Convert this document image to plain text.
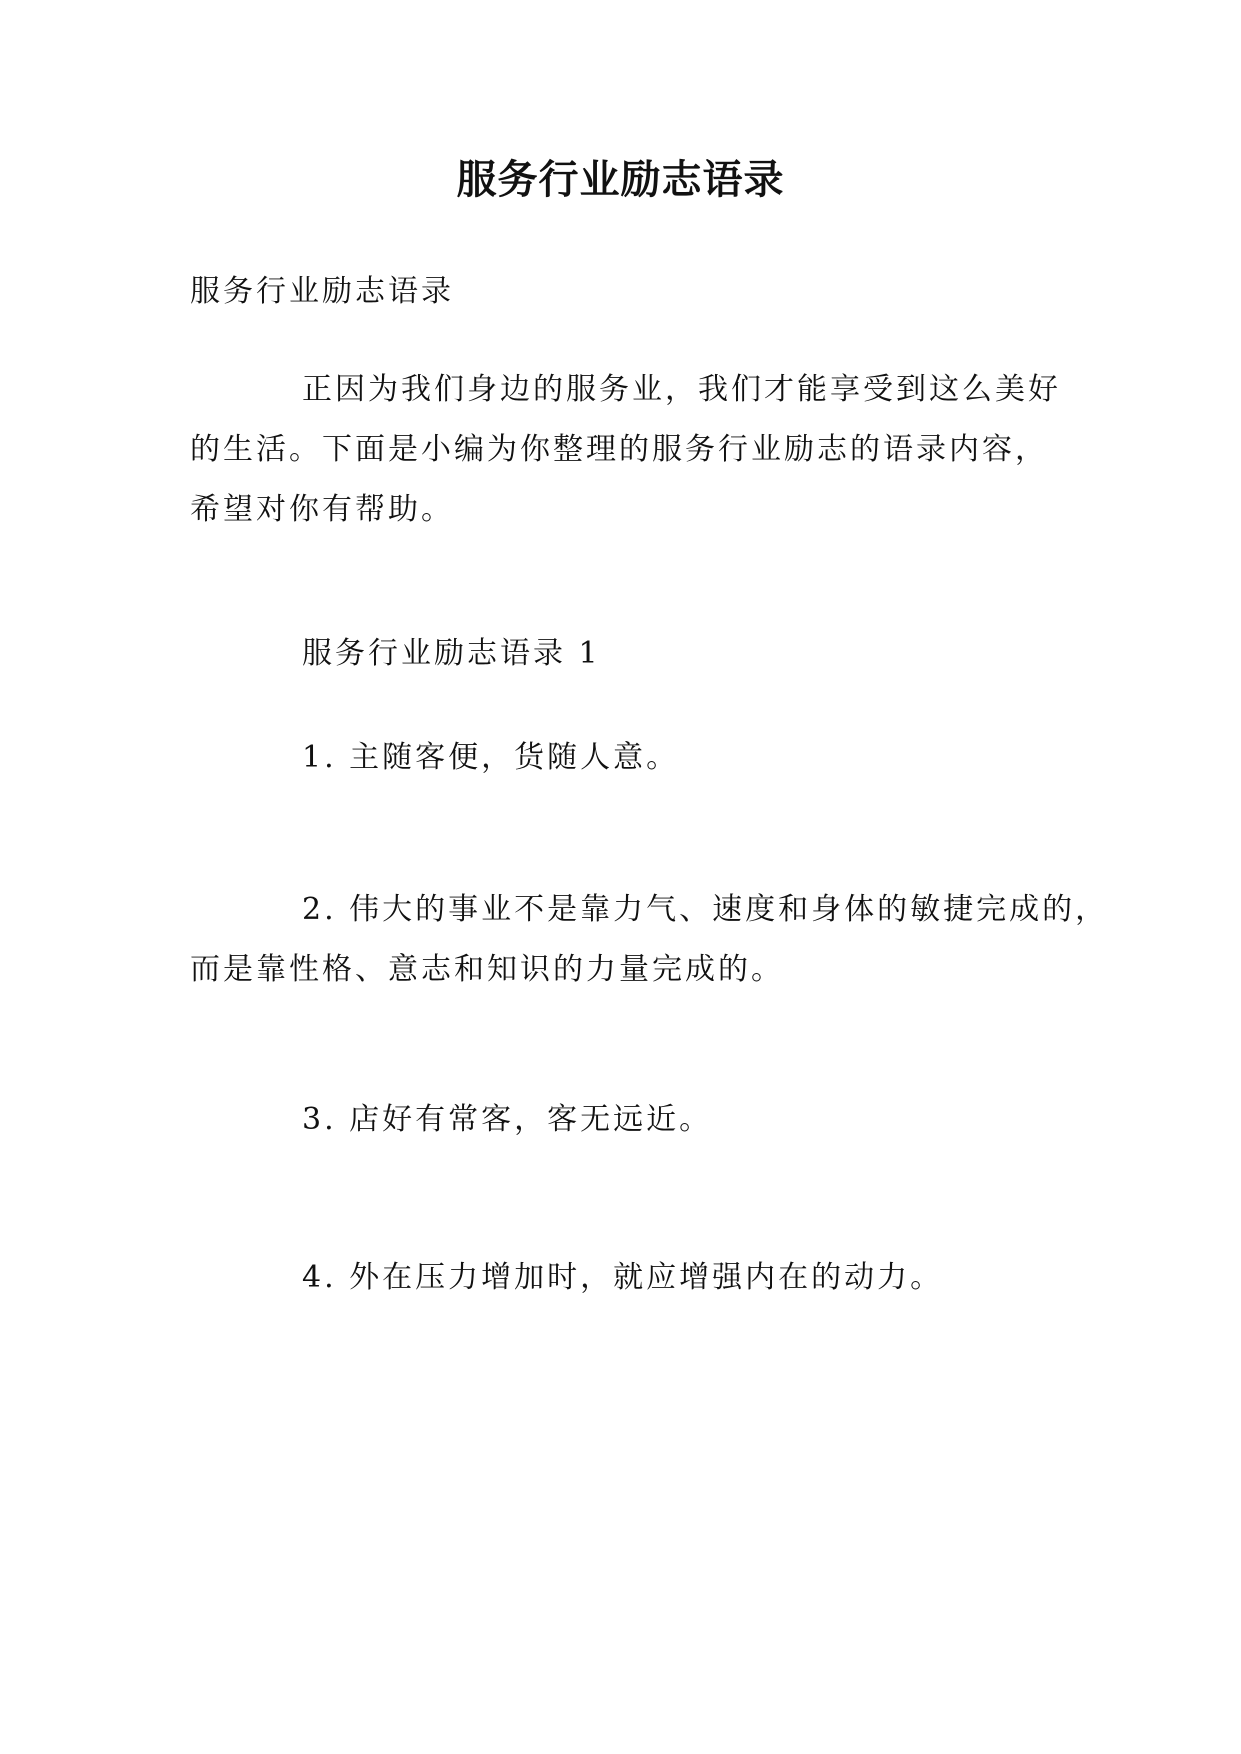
服务行业励志语录

服务行业励志语录

正因为我们身边的服务业，我们才能享受到这么美好
的生活。下面是小编为你整理的服务行业励志的语录内容，
希望对你有帮助。

服务行业励志语录 1

1. 主随客便，货随人意。
2. 伟大的事业不是靠力气、速度和身体的敏捷完成的，
而是靠性格、意志和知识的力量完成的。
3. 店好有常客，客无远近。
4. 外在压力增加时，就应增强内在的动力。
